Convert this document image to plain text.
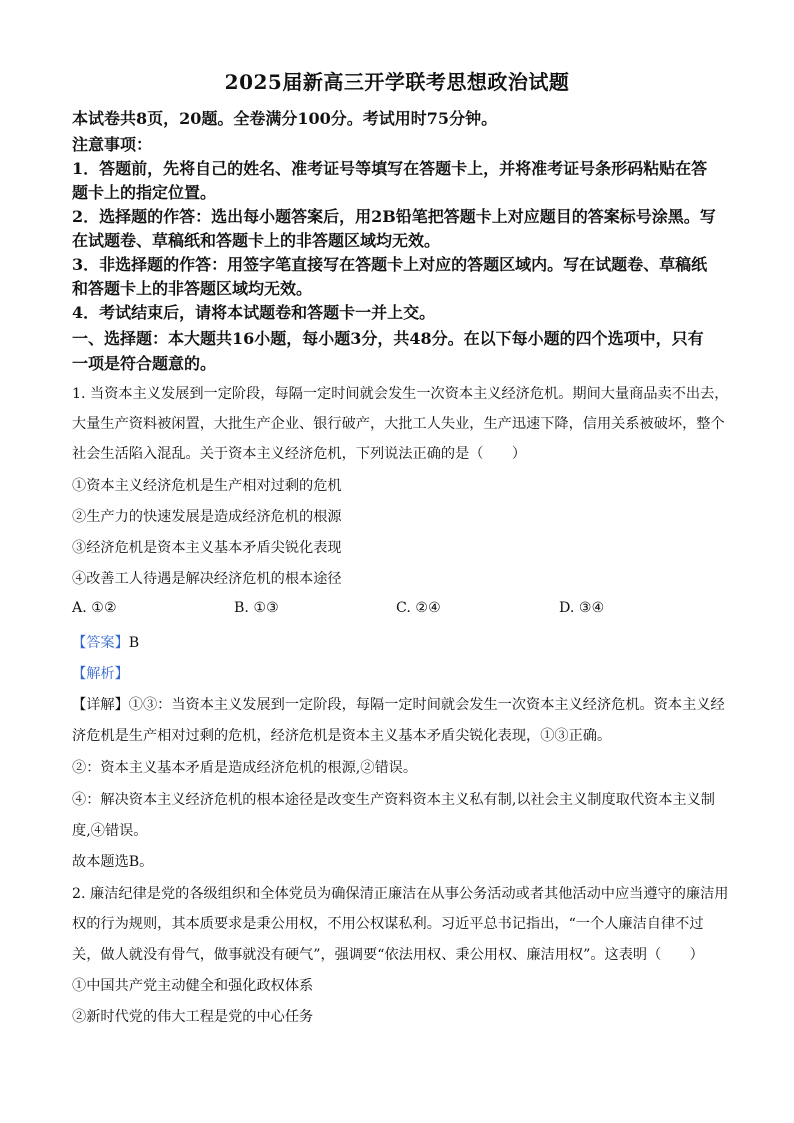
2025届新高三开学联考思想政治试题
本试卷共8页，20题。全卷满分100分。考试用时75分钟。
注意事项：
1．答题前，先将自己的姓名、准考证号等填写在答题卡上，并将准考证号条形码粘贴在答
题卡上的指定位置。
2．选择题的作答：选出每小题答案后，用2B铅笔把答题卡上对应题目的答案标号涂黑。写
在试题卷、草稿纸和答题卡上的非答题区域均无效。
3．非选择题的作答：用签字笔直接写在答题卡上对应的答题区域内。写在试题卷、草稿纸
和答题卡上的非答题区域均无效。
4．考试结束后，请将本试题卷和答题卡一并上交。
一、选择题：本大题共16小题，每小题3分，共48分。在以下每小题的四个选项中，只有
一项是符合题意的。
1. 当资本主义发展到一定阶段，每隔一定时间就会发生一次资本主义经济危机。期间大量商品卖不出去，
大量生产资料被闲置，大批生产企业、银行破产，大批工人失业，生产迅速下降，信用关系被破坏，整个
社会生活陷入混乱。关于资本主义经济危机，下列说法正确的是（　　）
①资本主义经济危机是生产相对过剩的危机
②生产力的快速发展是造成经济危机的根源
③经济危机是资本主义基本矛盾尖锐化表现
④改善工人待遇是解决经济危机的根本途径
A. ①②	B. ①③	C. ②④	D. ③④
【答案】B
【解析】
【详解】①③：当资本主义发展到一定阶段，每隔一定时间就会发生一次资本主义经济危机。资本主义经
济危机是生产相对过剩的危机，经济危机是资本主义基本矛盾尖锐化表现，①③正确。
②：资本主义基本矛盾是造成经济危机的根源,②错误。
④：解决资本主义经济危机的根本途径是改变生产资料资本主义私有制,以社会主义制度取代资本主义制
度,④错误。
故本题选B。
2. 廉洁纪律是党的各级组织和全体党员为确保清正廉洁在从事公务活动或者其他活动中应当遵守的廉洁用
权的行为规则，其本质要求是秉公用权，不用公权谋私利。习近平总书记指出，“一个人廉洁自律不过
关，做人就没有骨气，做事就没有硬气”，强调要“依法用权、秉公用权、廉洁用权”。这表明（　　）
①中国共产党主动健全和强化政权体系
②新时代党的伟大工程是党的中心任务
